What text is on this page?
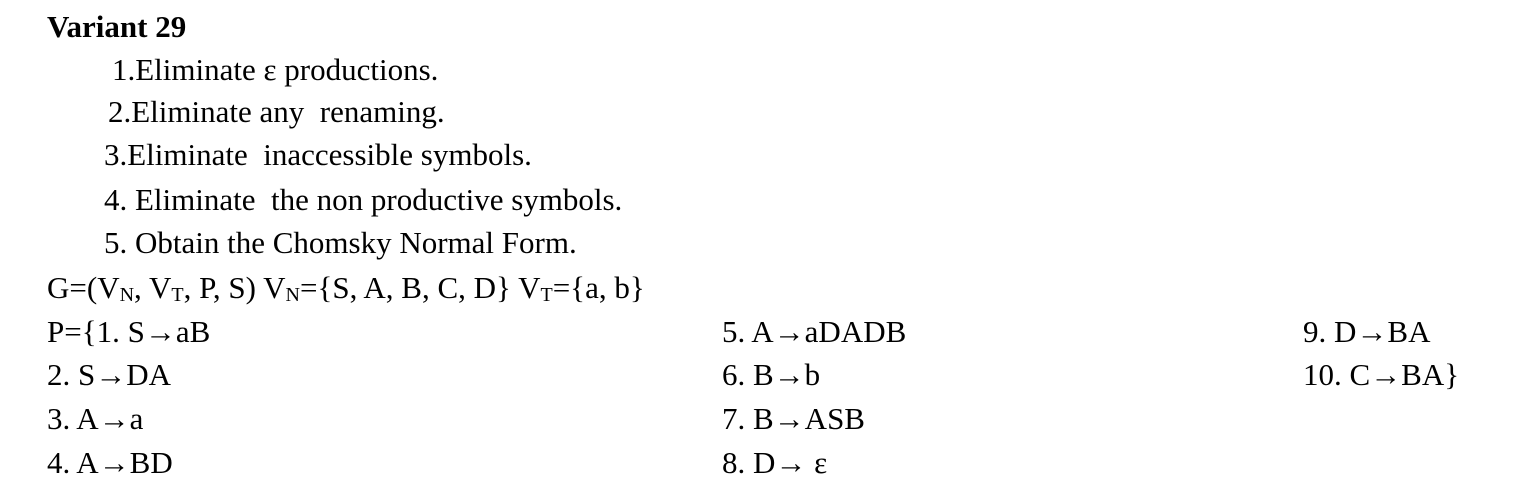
Variant 29
1.Eliminate ε productions.
2.Eliminate any  renaming.
3.Eliminate  inaccessible symbols.
4. Eliminate  the non productive symbols.
5. Obtain the Chomsky Normal Form.
G=(VN, VT, P, S) VN={S, A, B, C, D} VT={a, b}
P={1. S→aB
2. S→DA
3. A→a
4. A→BD
5. A→aDADB
6. B→b
7. B→ASB
8. D→ ε
9. D→BA
10. C→BA}
